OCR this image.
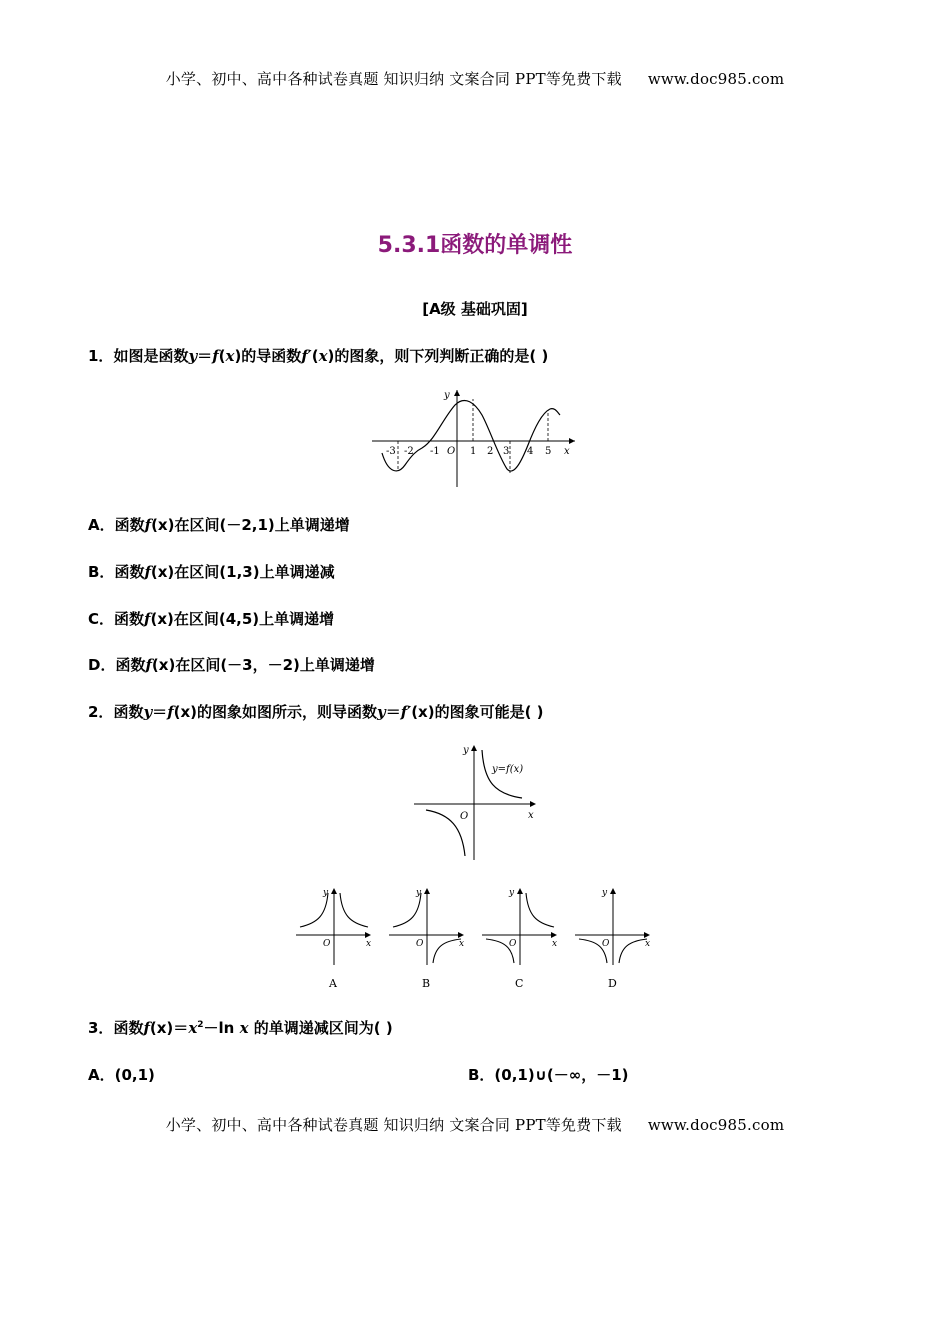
小学、初中、高中各种试卷真题 知识归纳 文案合同 PPT等免费下载 www.doc985.com
5.3.1函数的单调性
[A级 基础巩固]
1．如图是函数y＝f(x)的导函数f′(x)的图象，则下列判断正确的是( )
y
x
-3 -2 -1 O 1 2 3 4 5
A．函数f(x)在区间(－2,1)上单调递增
B．函数f(x)在区间(1,3)上单调递减
C．函数f(x)在区间(4,5)上单调递增
D．函数f(x)在区间(－3，－2)上单调递增
2．函数y＝f(x)的图象如图所示，则导函数y＝f′(x)的图象可能是( )
y
x
O
y=f(x)
y
x
O
A
y
x
O
B
y
x
O
C
y
x
O
D
3．函数$f(x)=x^2-\ln$ x 的单调递减区间为( )
A．(0,1)	B．(0,1)∪(－∞，－1)
小学、初中、高中各种试卷真题 知识归纳 文案合同 PPT等免费下载 www.doc985.com
